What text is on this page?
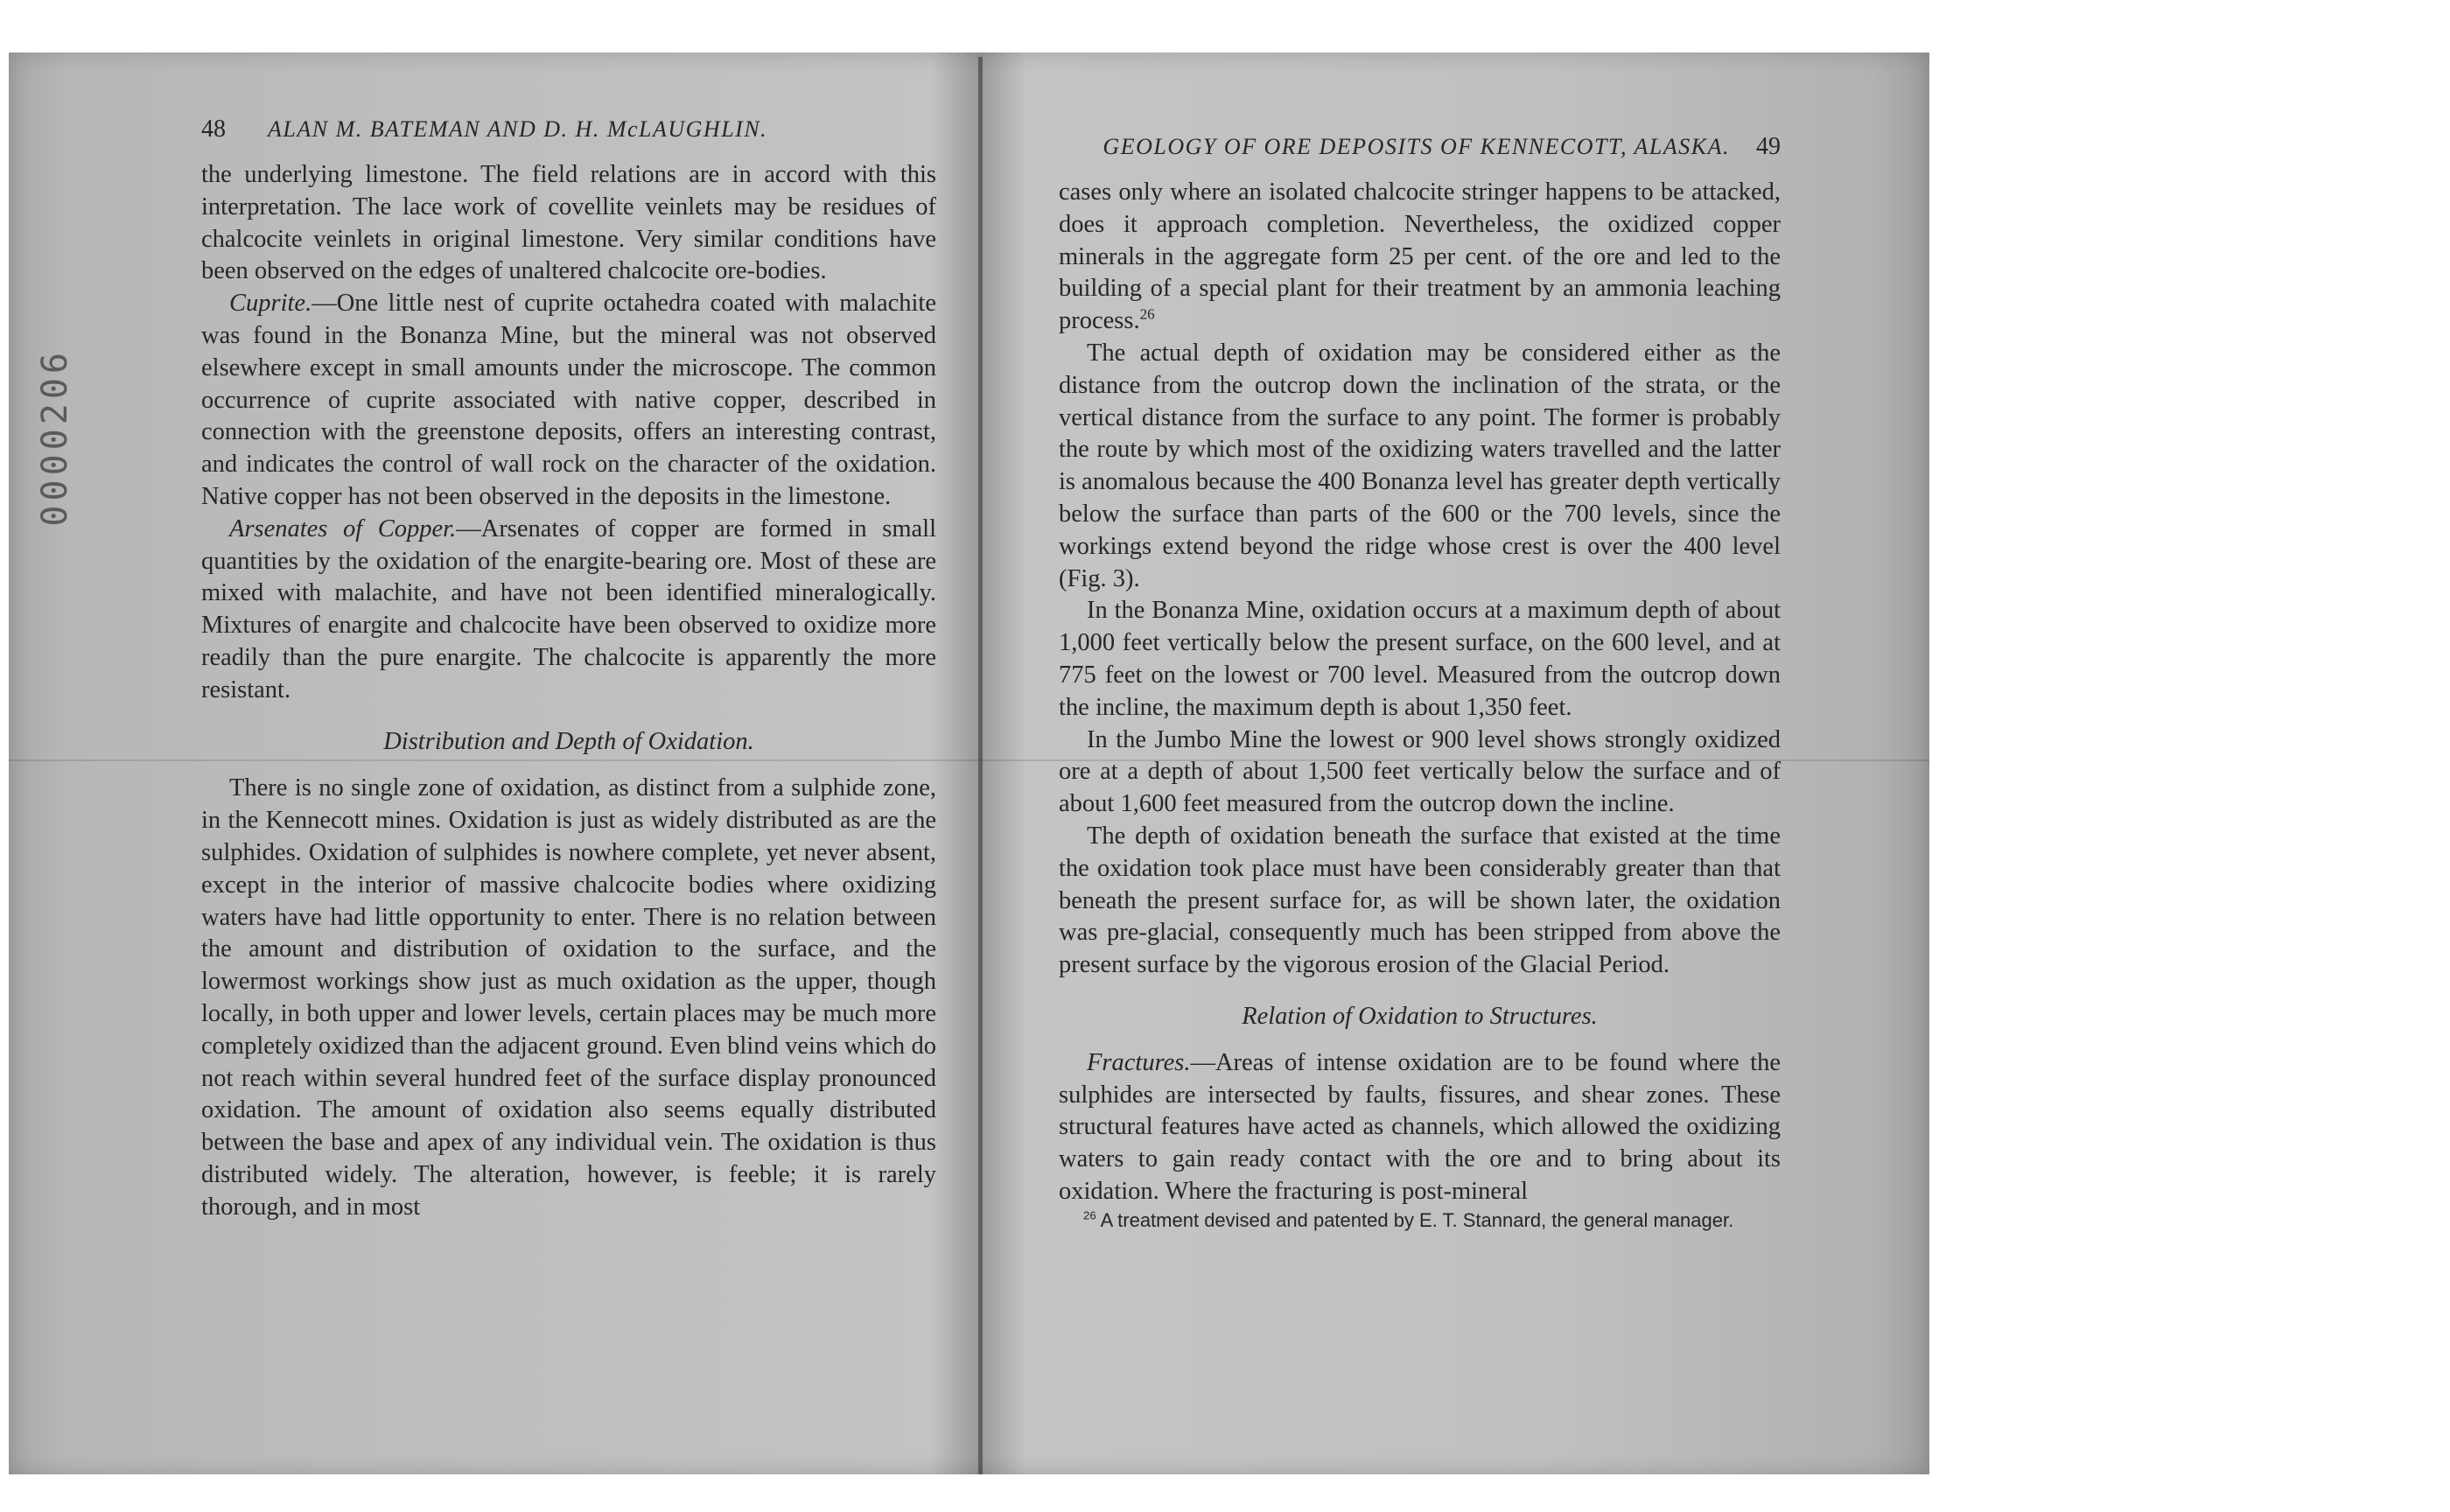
0000206
48 ALAN M. BATEMAN AND D. H. McLAUGHLIN.

the underlying limestone. The field relations are in accord with this interpretation. The lace work of covellite veinlets may be residues of chalcocite veinlets in original limestone. Very similar conditions have been observed on the edges of unaltered chalcocite ore-bodies.

Cuprite.—One little nest of cuprite octahedra coated with malachite was found in the Bonanza Mine, but the mineral was not observed elsewhere except in small amounts under the microscope. The common occurrence of cuprite associated with native copper, described in connection with the greenstone deposits, offers an interesting contrast, and indicates the control of wall rock on the character of the oxidation. Native copper has not been observed in the deposits in the limestone.

Arsenates of Copper.—Arsenates of copper are formed in small quantities by the oxidation of the enargite-bearing ore. Most of these are mixed with malachite, and have not been identified mineralogically. Mixtures of enargite and chalcocite have been observed to oxidize more readily than the pure enargite. The chalcocite is apparently the more resistant.

Distribution and Depth of Oxidation.

There is no single zone of oxidation, as distinct from a sulphide zone, in the Kennecott mines. Oxidation is just as widely distributed as are the sulphides. Oxidation of sulphides is nowhere complete, yet never absent, except in the interior of massive chalcocite bodies where oxidizing waters have had little opportunity to enter. There is no relation between the amount and distribution of oxidation to the surface, and the lowermost workings show just as much oxidation as the upper, though locally, in both upper and lower levels, certain places may be much more completely oxidized than the adjacent ground. Even blind veins which do not reach within several hundred feet of the surface display pronounced oxidation. The amount of oxidation also seems equally distributed between the base and apex of any individual vein. The oxidation is thus distributed widely. The alteration, however, is feeble; it is rarely thorough, and in most

GEOLOGY OF ORE DEPOSITS OF KENNECOTT, ALASKA. 49

cases only where an isolated chalcocite stringer happens to be attacked, does it approach completion. Nevertheless, the oxidized copper minerals in the aggregate form 25 per cent. of the ore and led to the building of a special plant for their treatment by an ammonia leaching process.$^{26}$

The actual depth of oxidation may be considered either as the distance from the outcrop down the inclination of the strata, or the vertical distance from the surface to any point. The former is probably the route by which most of the oxidizing waters travelled and the latter is anomalous because the 400 Bonanza level has greater depth vertically below the surface than parts of the 600 or the 700 levels, since the workings extend beyond the ridge whose crest is over the 400 level (Fig. 3).

In the Bonanza Mine, oxidation occurs at a maximum depth of about 1,000 feet vertically below the present surface, on the 600 level, and at 775 feet on the lowest or 700 level. Measured from the outcrop down the incline, the maximum depth is about 1,350 feet.

In the Jumbo Mine the lowest or 900 level shows strongly oxidized ore at a depth of about 1,500 feet vertically below the surface and of about 1,600 feet measured from the outcrop down the incline.

The depth of oxidation beneath the surface that existed at the time the oxidation took place must have been considerably greater than that beneath the present surface for, as will be shown later, the oxidation was pre-glacial, consequently much has been stripped from above the present surface by the vigorous erosion of the Glacial Period.

Relation of Oxidation to Structures.

Fractures.—Areas of intense oxidation are to be found where the sulphides are intersected by faults, fissures, and shear zones. These structural features have acted as channels, which allowed the oxidizing waters to gain ready contact with the ore and to bring about its oxidation. Where the fracturing is post-mineral

$^{26}$ A treatment devised and patented by E. T. Stannard, the general manager.
